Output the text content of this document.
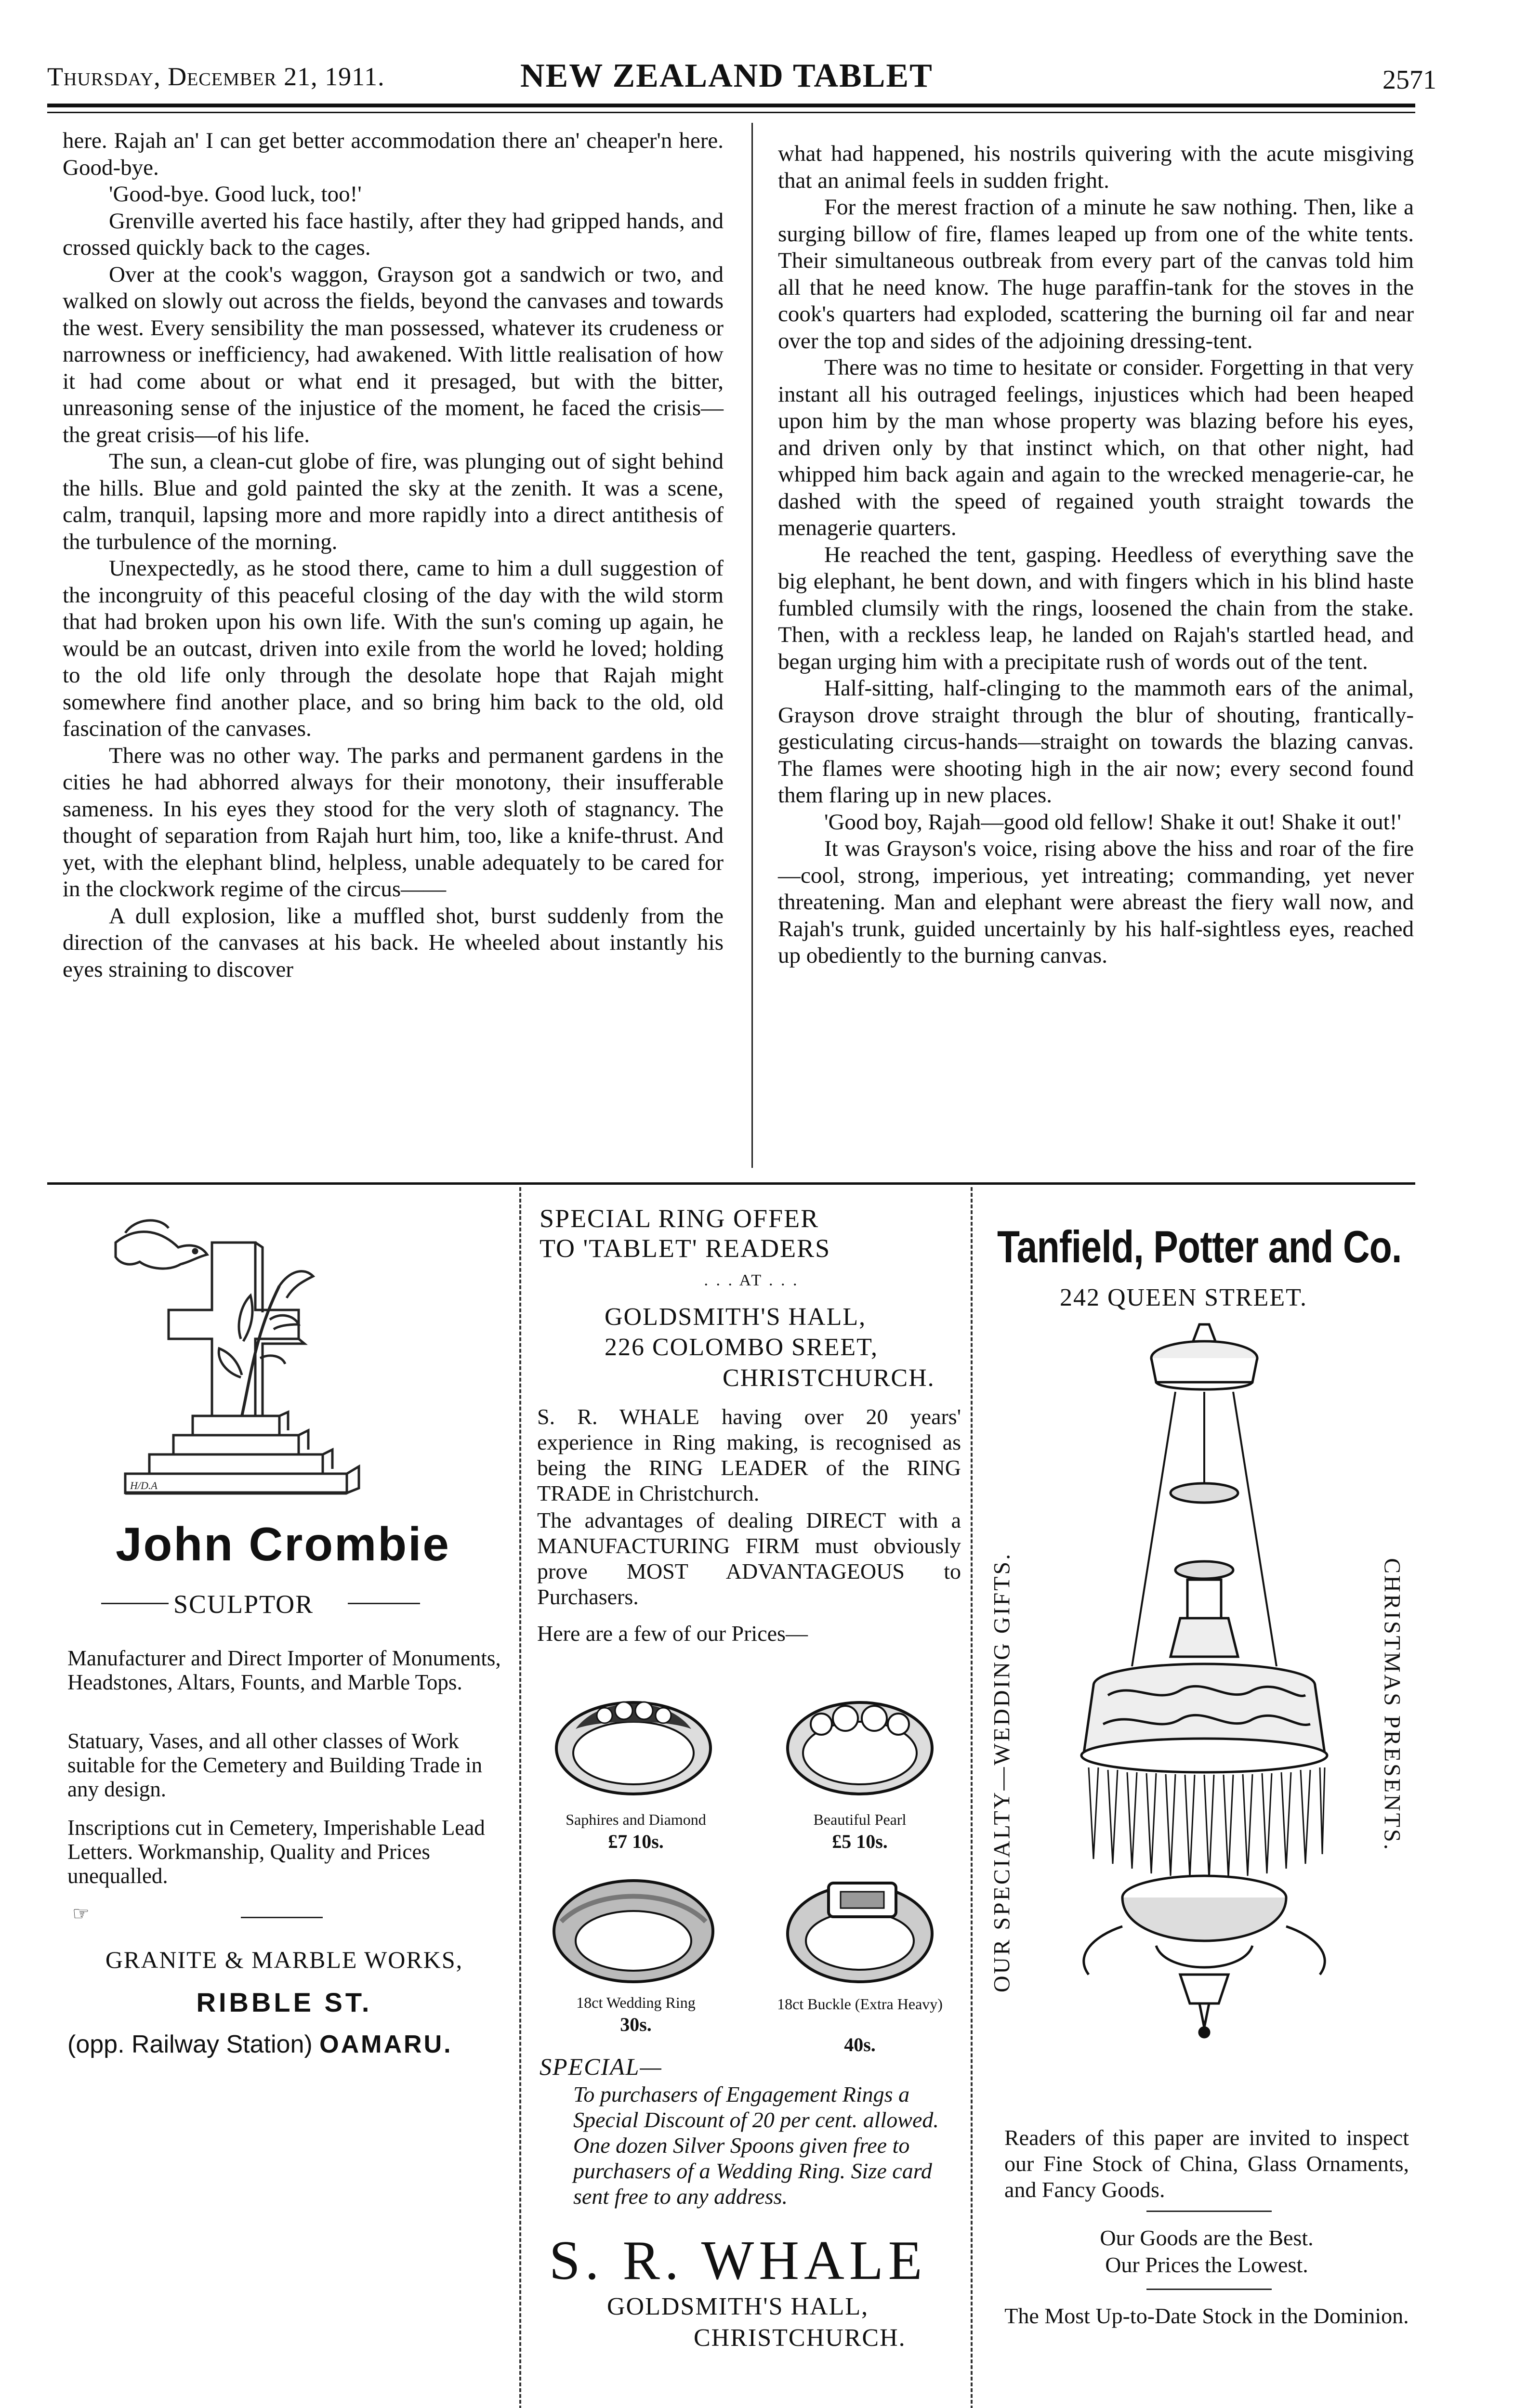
Thursday, December 21, 1911.	NEW ZEALAND TABLET	2571

here. Rajah an' I can get better accommodation there an' cheaper'n here. Good-bye.

'Good-bye. Good luck, too!'

Grenville averted his face hastily, after they had gripped hands, and crossed quickly back to the cages.

Over at the cook's waggon, Grayson got a sandwich or two, and walked on slowly out across the fields, beyond the canvases and towards the west. Every sensibility the man possessed, whatever its crudeness or narrowness or inefficiency, had awakened. With little realisation of how it had come about or what end it presaged, but with the bitter, unreasoning sense of the injustice of the moment, he faced the crisis—the great crisis—of his life.

The sun, a clean-cut globe of fire, was plunging out of sight behind the hills. Blue and gold painted the sky at the zenith. It was a scene, calm, tranquil, lapsing more and more rapidly into a direct antithesis of the turbulence of the morning.

Unexpectedly, as he stood there, came to him a dull suggestion of the incongruity of this peaceful closing of the day with the wild storm that had broken upon his own life. With the sun's coming up again, he would be an outcast, driven into exile from the world he loved; holding to the old life only through the desolate hope that Rajah might somewhere find another place, and so bring him back to the old, old fascination of the canvases.

There was no other way. The parks and permanent gardens in the cities he had abhorred always for their monotony, their insufferable sameness. In his eyes they stood for the very sloth of stagnancy. The thought of separation from Rajah hurt him, too, like a knife-thrust. And yet, with the elephant blind, helpless, unable adequately to be cared for in the clockwork regime of the circus——

A dull explosion, like a muffled shot, burst suddenly from the direction of the canvases at his back. He wheeled about instantly his eyes straining to discover

what had happened, his nostrils quivering with the acute misgiving that an animal feels in sudden fright.

For the merest fraction of a minute he saw nothing. Then, like a surging billow of fire, flames leaped up from one of the white tents. Their simultaneous outbreak from every part of the canvas told him all that he need know. The huge paraffin-tank for the stoves in the cook's quarters had exploded, scattering the burning oil far and near over the top and sides of the adjoining dressing-tent.

There was no time to hesitate or consider. Forgetting in that very instant all his outraged feelings, injustices which had been heaped upon him by the man whose property was blazing before his eyes, and driven only by that instinct which, on that other night, had whipped him back again and again to the wrecked menagerie-car, he dashed with the speed of regained youth straight towards the menagerie quarters.

He reached the tent, gasping. Heedless of everything save the big elephant, he bent down, and with fingers which in his blind haste fumbled clumsily with the rings, loosened the chain from the stake. Then, with a reckless leap, he landed on Rajah's startled head, and began urging him with a precipitate rush of words out of the tent.

Half-sitting, half-clinging to the mammoth ears of the animal, Grayson drove straight through the blur of shouting, frantically-gesticulating circus-hands—straight on towards the blazing canvas. The flames were shooting high in the air now; every second found them flaring up in new places.

'Good boy, Rajah—good old fellow! Shake it out! Shake it out!'

It was Grayson's voice, rising above the hiss and roar of the fire—cool, strong, imperious, yet intreating; commanding, yet never threatening. Man and elephant were abreast the fiery wall now, and Rajah's trunk, guided uncertainly by his half-sightless eyes, reached up obediently to the burning canvas.

H/D.A
John Crombie
SCULPTOR
Manufacturer and Direct Importer of Monuments, Headstones, Altars, Founts, and Marble Tops.
Statuary, Vases, and all other classes of Work suitable for the Cemetery and Building Trade in any design.
Inscriptions cut in Cemetery, Imperishable Lead Letters. Workmanship, Quality and Prices unequalled.
☞
GRANITE & MARBLE WORKS,
RIBBLE ST.
(opp. Railway Station) OAMARU.
SPECIAL RING OFFER
TO 'TABLET' READERS
. . . AT . . .
GOLDSMITH'S HALL,
226 COLOMBO SREET,
CHRISTCHURCH.
S. R. WHALE having over 20 years' experience in Ring making, is recognised as being the RING LEADER of the RING TRADE in Christchurch.
The advantages of dealing DIRECT with a MANUFACTURING FIRM must obviously prove MOST ADVANTAGEOUS to Purchasers.
Here are a few of our Prices—
Saphires and Diamond
£7 10s.
Beautiful Pearl
£5 10s.
18ct Wedding Ring
30s.
18ct Buckle (Extra Heavy)
40s.
SPECIAL—
To purchasers of Engagement Rings a Special Discount of 20 per cent. allowed. One dozen Silver Spoons given free to purchasers of a Wedding Ring. Size card sent free to any address.
S. R. WHALE
GOLDSMITH'S HALL,
CHRISTCHURCH.
Tanfield, Potter and Co.
242 QUEEN STREET.
OUR SPECIALTY—WEDDING GIFTS.	CHRISTMAS PRESENTS.
Readers of this paper are invited to inspect our Fine Stock of China, Glass Ornaments, and Fancy Goods.
Our Goods are the Best.
Our Prices the Lowest.
The Most Up-to-Date Stock in the Dominion.
